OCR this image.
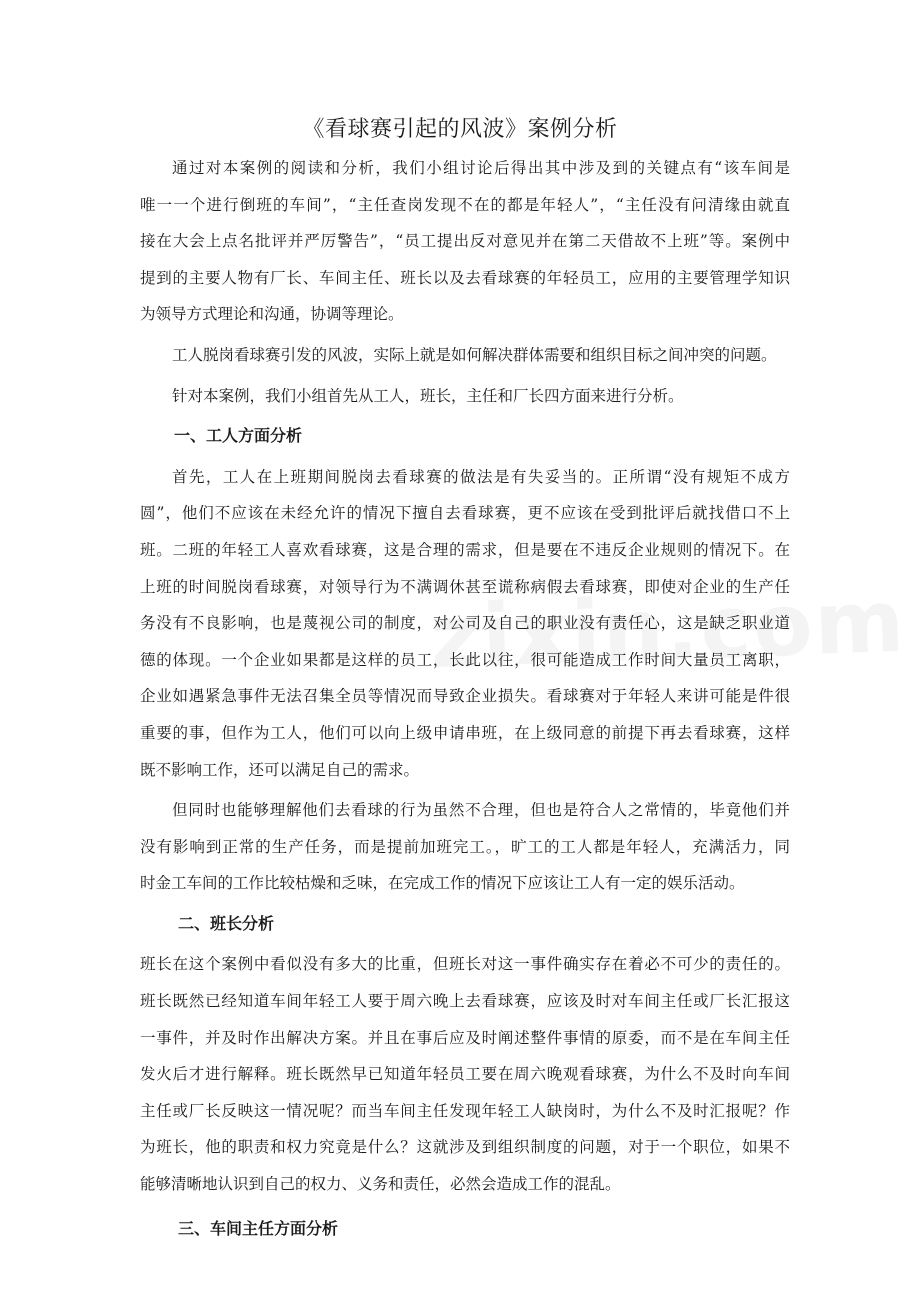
《看球赛引起的风波》案例分析
通过对本案例的阅读和分析，我们小组讨论后得出其中涉及到的关键点有“该车间是
唯一一个进行倒班的车间”，“主任查岗发现不在的都是年轻人”，“主任没有问清缘由就直
接在大会上点名批评并严厉警告”，“员工提出反对意见并在第二天借故不上班”等。案例中
提到的主要人物有厂长、车间主任、班长以及去看球赛的年轻员工，应用的主要管理学知识
为领导方式理论和沟通，协调等理论。
工人脱岗看球赛引发的风波，实际上就是如何解决群体需要和组织目标之间冲突的问题。
针对本案例，我们小组首先从工人，班长，主任和厂长四方面来进行分析。
一、工人方面分析
首先，工人在上班期间脱岗去看球赛的做法是有失妥当的。正所谓“没有规矩不成方
圆”，他们不应该在未经允许的情况下擅自去看球赛，更不应该在受到批评后就找借口不上
班。二班的年轻工人喜欢看球赛，这是合理的需求，但是要在不违反企业规则的情况下。在
上班的时间脱岗看球赛，对领导行为不满调休甚至谎称病假去看球赛，即使对企业的生产任
务没有不良影响，也是蔑视公司的制度，对公司及自己的职业没有责任心，这是缺乏职业道
德的体现。一个企业如果都是这样的员工，长此以往，很可能造成工作时间大量员工离职，
企业如遇紧急事件无法召集全员等情况而导致企业损失。看球赛对于年轻人来讲可能是件很
重要的事，但作为工人，他们可以向上级申请串班，在上级同意的前提下再去看球赛，这样
既不影响工作，还可以满足自己的需求。
但同时也能够理解他们去看球的行为虽然不合理，但也是符合人之常情的，毕竟他们并
没有影响到正常的生产任务，而是提前加班完工。，旷工的工人都是年轻人，充满活力，同
时金工车间的工作比较枯燥和乏味，在完成工作的情况下应该让工人有一定的娱乐活动。
二、班长分析
班长在这个案例中看似没有多大的比重，但班长对这一事件确实存在着必不可少的责任的。
班长既然已经知道车间年轻工人要于周六晚上去看球赛，应该及时对车间主任或厂长汇报这
一事件，并及时作出解决方案。并且在事后应及时阐述整件事情的原委，而不是在车间主任
发火后才进行解释。班长既然早已知道年轻员工要在周六晚观看球赛，为什么不及时向车间
主任或厂长反映这一情况呢？而当车间主任发现年轻工人缺岗时，为什么不及时汇报呢？作
为班长，他的职责和权力究竟是什么？这就涉及到组织制度的问题，对于一个职位，如果不
能够清晰地认识到自己的权力、义务和责任，必然会造成工作的混乱。
三、车间主任方面分析
